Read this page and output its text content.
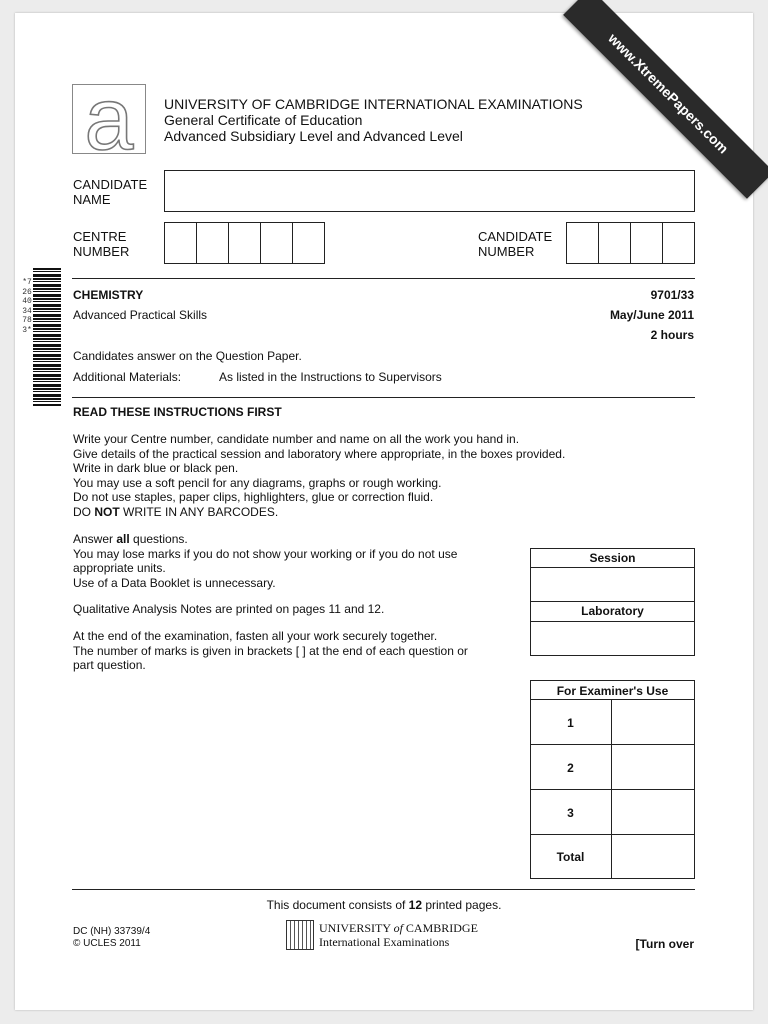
www.XtremePapers.com
a	UNIVERSITY OF CAMBRIDGE INTERNATIONAL EXAMINATIONS
General Certificate of Education
Advanced Subsidiary Level and Advanced Level
CANDIDATE
NAME
CENTRE
NUMBER
CANDIDATE
NUMBER
*7264034783*
CHEMISTRY	9701/33
Advanced Practical Skills	May/June 2011
2 hours
Candidates answer on the Question Paper.
Additional Materials:	As listed in the Instructions to Supervisors
READ THESE INSTRUCTIONS FIRST
Write your Centre number, candidate number and name on all the work you hand in.
Give details of the practical session and laboratory where appropriate, in the boxes provided.
Write in dark blue or black pen.
You may use a soft pencil for any diagrams, graphs or rough working.
Do not use staples, paper clips, highlighters, glue or correction fluid.
DO NOT WRITE IN ANY BARCODES.
Answer all questions.
You may lose marks if you do not show your working or if you do not use
appropriate units.
Use of a Data Booklet is unnecessary.
Qualitative Analysis Notes are printed on pages 11 and 12.
At the end of the examination, fasten all your work securely together.
The number of marks is given in brackets [ ] at the end of each question or
part question.
Session
Laboratory
For Examiner's Use
1
2
3
Total
This document consists of 12 printed pages.
DC (NH) 33739/4
© UCLES 2011
UNIVERSITY of CAMBRIDGE
International Examinations	[Turn over
